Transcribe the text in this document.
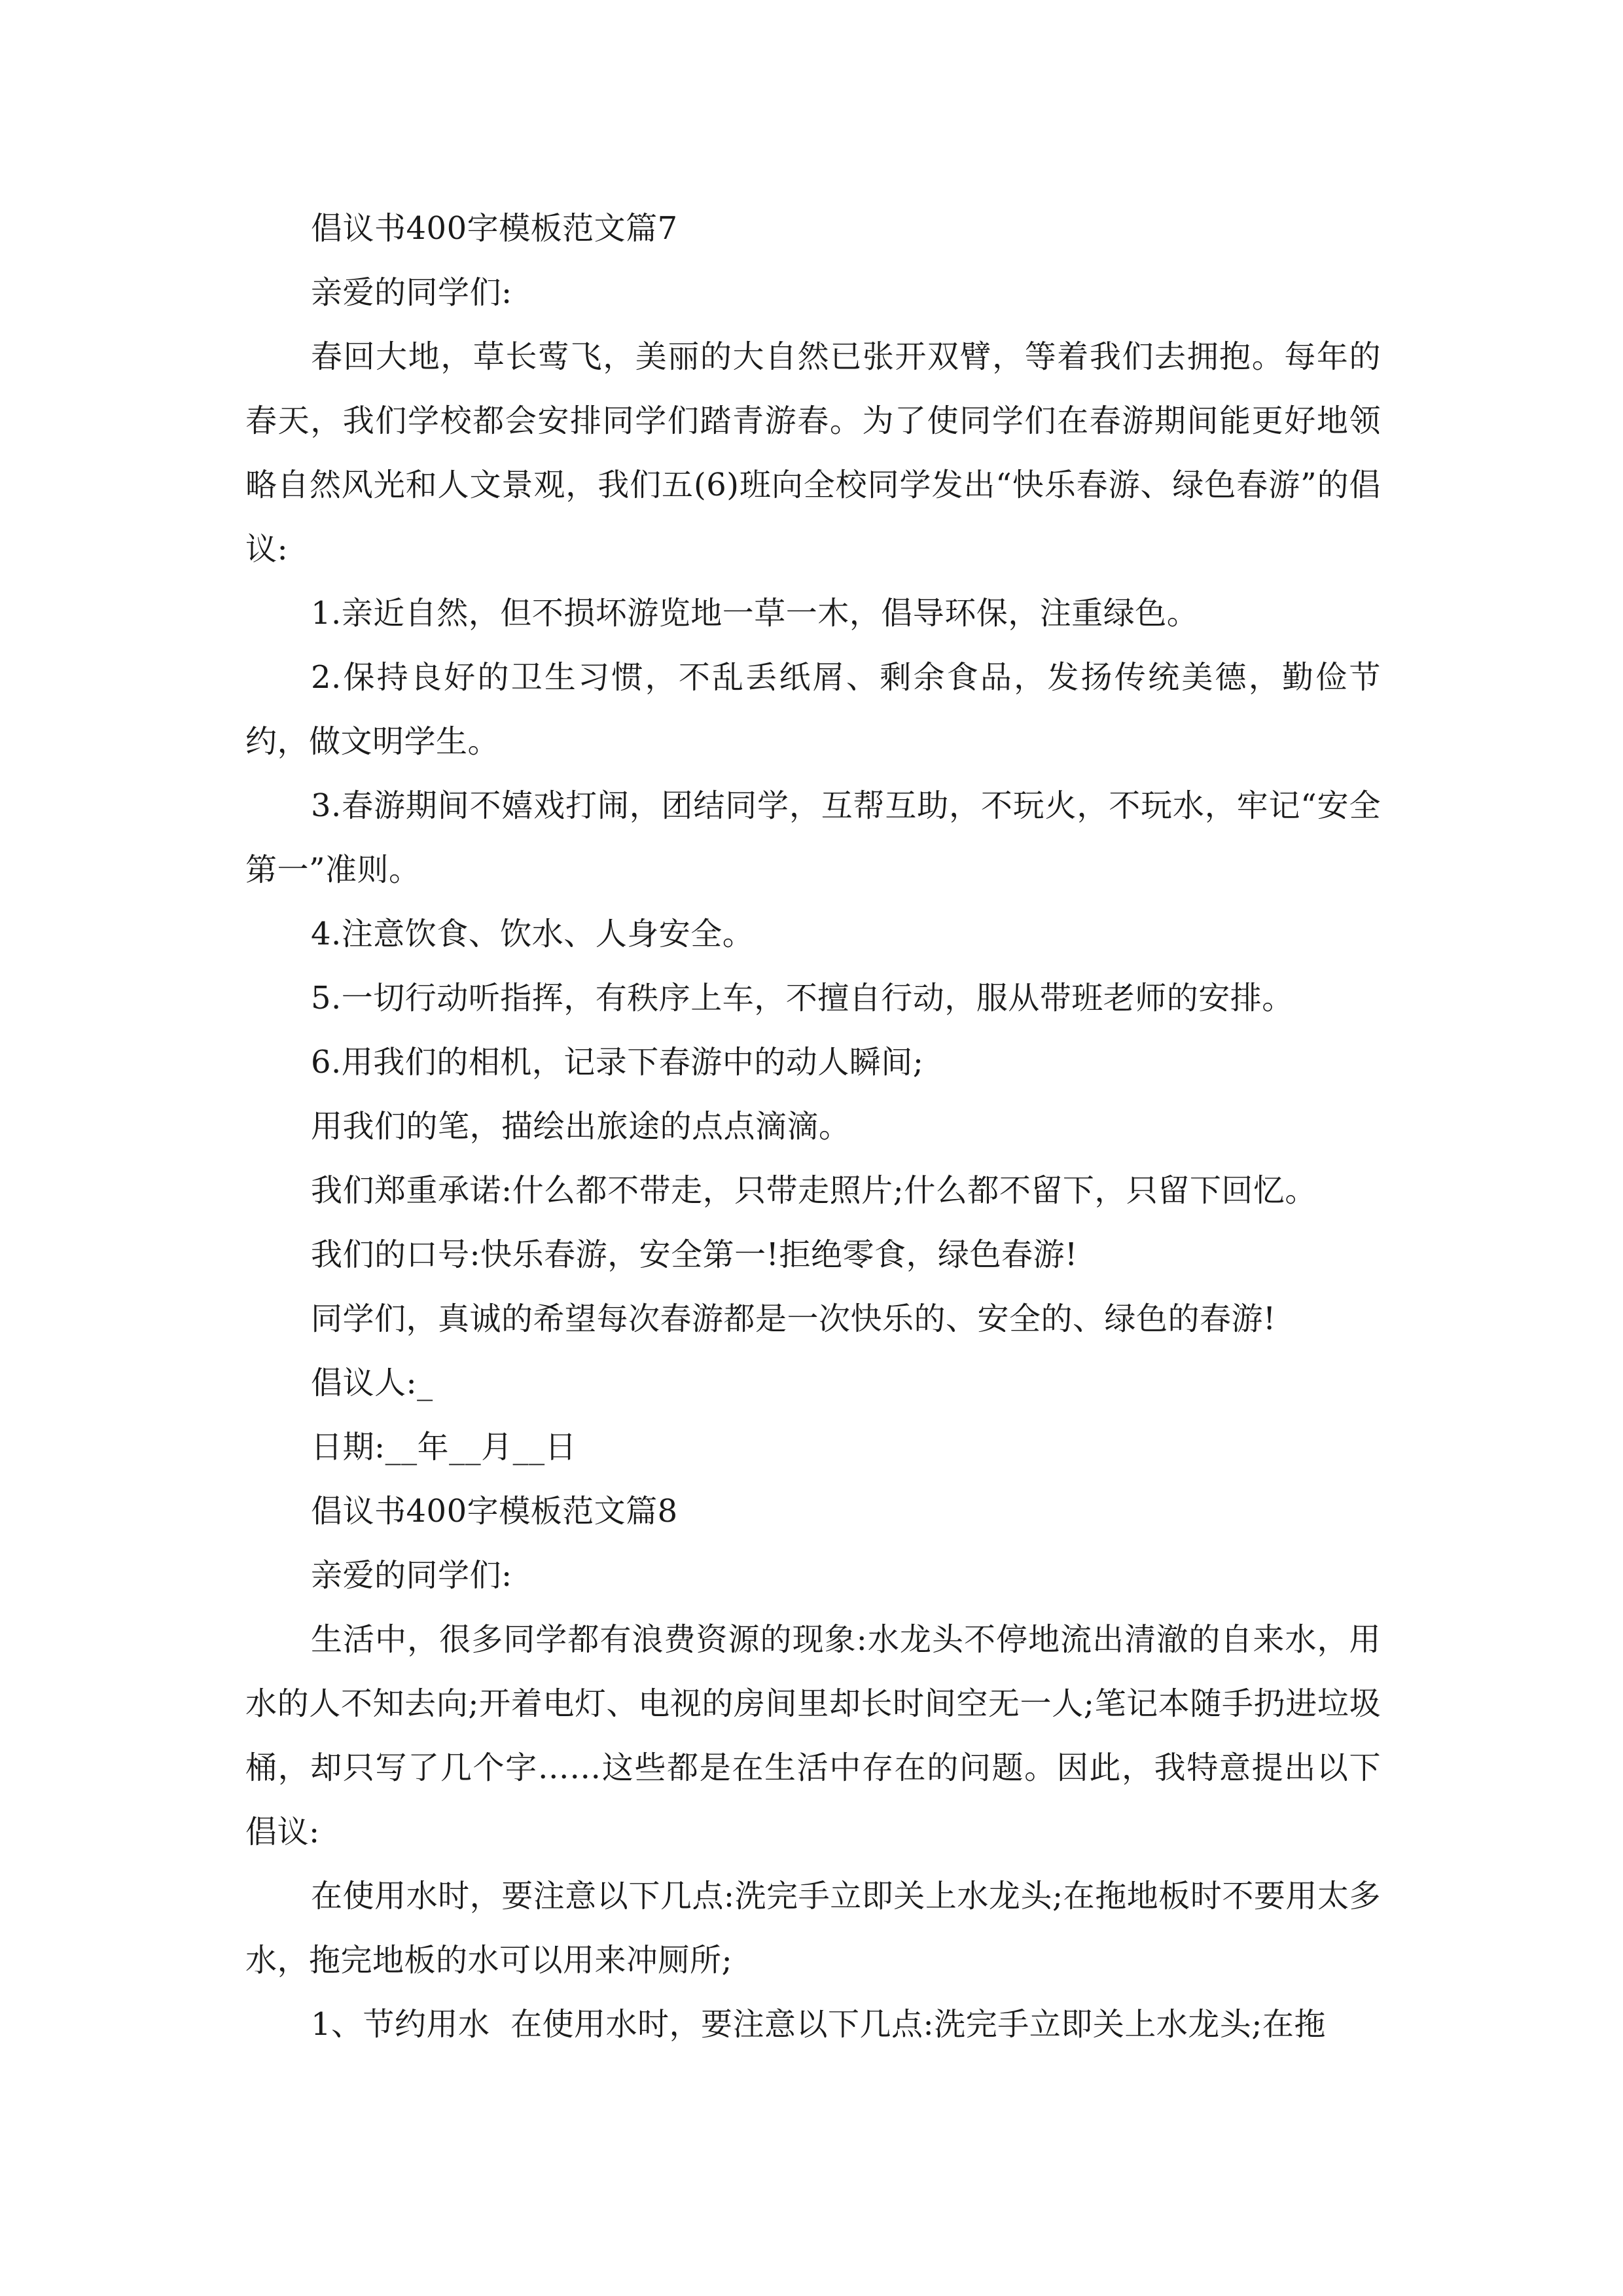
倡议书400字模板范文篇7

亲爱的同学们:

春回大地，草长莺飞，美丽的大自然已张开双臂，等着我们去拥抱。每年的春天，我们学校都会安排同学们踏青游春。为了使同学们在春游期间能更好地领略自然风光和人文景观，我们五(6)班向全校同学发出“快乐春游、绿色春游”的倡议:

1.亲近自然，但不损坏游览地一草一木，倡导环保，注重绿色。

2.保持良好的卫生习惯，不乱丢纸屑、剩余食品，发扬传统美德，勤俭节约，做文明学生。

3.春游期间不嬉戏打闹，团结同学，互帮互助，不玩火，不玩水，牢记“安全第一”准则。

4.注意饮食、饮水、人身安全。

5.一切行动听指挥，有秩序上车，不擅自行动，服从带班老师的安排。

6.用我们的相机，记录下春游中的动人瞬间;

用我们的笔，描绘出旅途的点点滴滴。

我们郑重承诺:什么都不带走，只带走照片;什么都不留下，只留下回忆。

我们的口号:快乐春游，安全第一!拒绝零食，绿色春游!

同学们，真诚的希望每次春游都是一次快乐的、安全的、绿色的春游!

倡议人:_

日期:__年__月__日

倡议书400字模板范文篇8

亲爱的同学们:

生活中，很多同学都有浪费资源的现象:水龙头不停地流出清澈的自来水，用水的人不知去向;开着电灯、电视的房间里却长时间空无一人;笔记本随手扔进垃圾桶，却只写了几个字……这些都是在生活中存在的问题。因此，我特意提出以下倡议:

在使用水时，要注意以下几点:洗完手立即关上水龙头;在拖地板时不要用太多水，拖完地板的水可以用来冲厕所;

1、节约用水  在使用水时，要注意以下几点:洗完手立即关上水龙头;在拖
